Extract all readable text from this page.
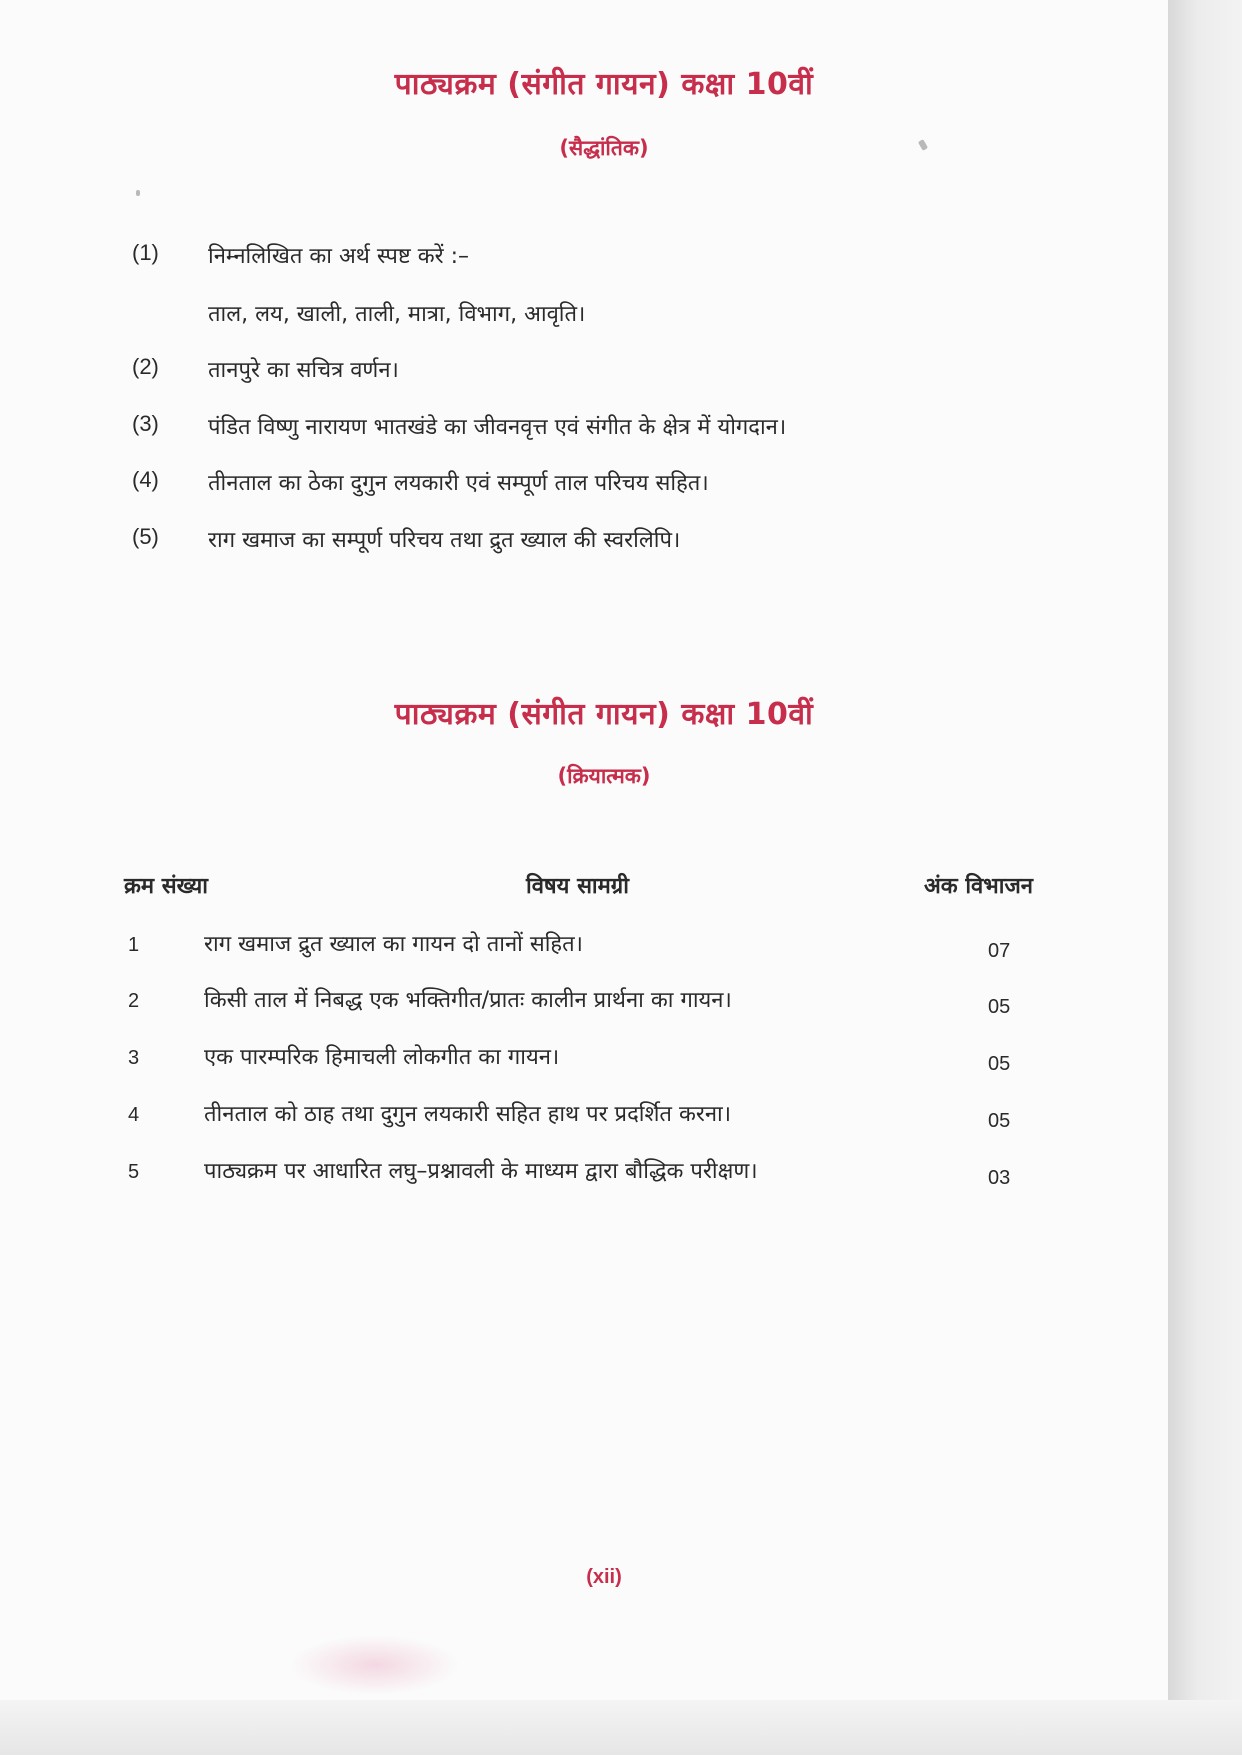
पाठ्यक्रम (संगीत गायन) कक्षा 10वीं
(सैद्धांतिक)
(1)	निम्नलिखित का अर्थ स्पष्ट करें :–
ताल, लय, खाली, ताली, मात्रा, विभाग, आवृति।
(2)	तानपुरे का सचित्र वर्णन।
(3)	पंडित विष्णु नारायण भातखंडे का जीवनवृत्त एवं संगीत के क्षेत्र में योगदान।
(4)	तीनताल का ठेका दुगुन लयकारी एवं सम्पूर्ण ताल परिचय सहित।
(5)	राग खमाज का सम्पूर्ण परिचय तथा द्रुत ख्याल की स्वरलिपि।
पाठ्यक्रम (संगीत गायन) कक्षा 10वीं
(क्रियात्मक)
क्रम संख्या	विषय सामग्री	अंक विभाजन
1	राग खमाज द्रुत ख्याल का गायन दो तानों सहित।	07
2	किसी ताल में निबद्ध एक भक्तिगीत/प्रातः कालीन प्रार्थना का गायन।	05
3	एक पारम्परिक हिमाचली लोकगीत का गायन।	05
4	तीनताल को ठाह तथा दुगुन लयकारी सहित हाथ पर प्रदर्शित करना।	05
5	पाठ्यक्रम पर आधारित लघु–प्रश्नावली के माध्यम द्वारा बौद्धिक परीक्षण।	03
(xii)
